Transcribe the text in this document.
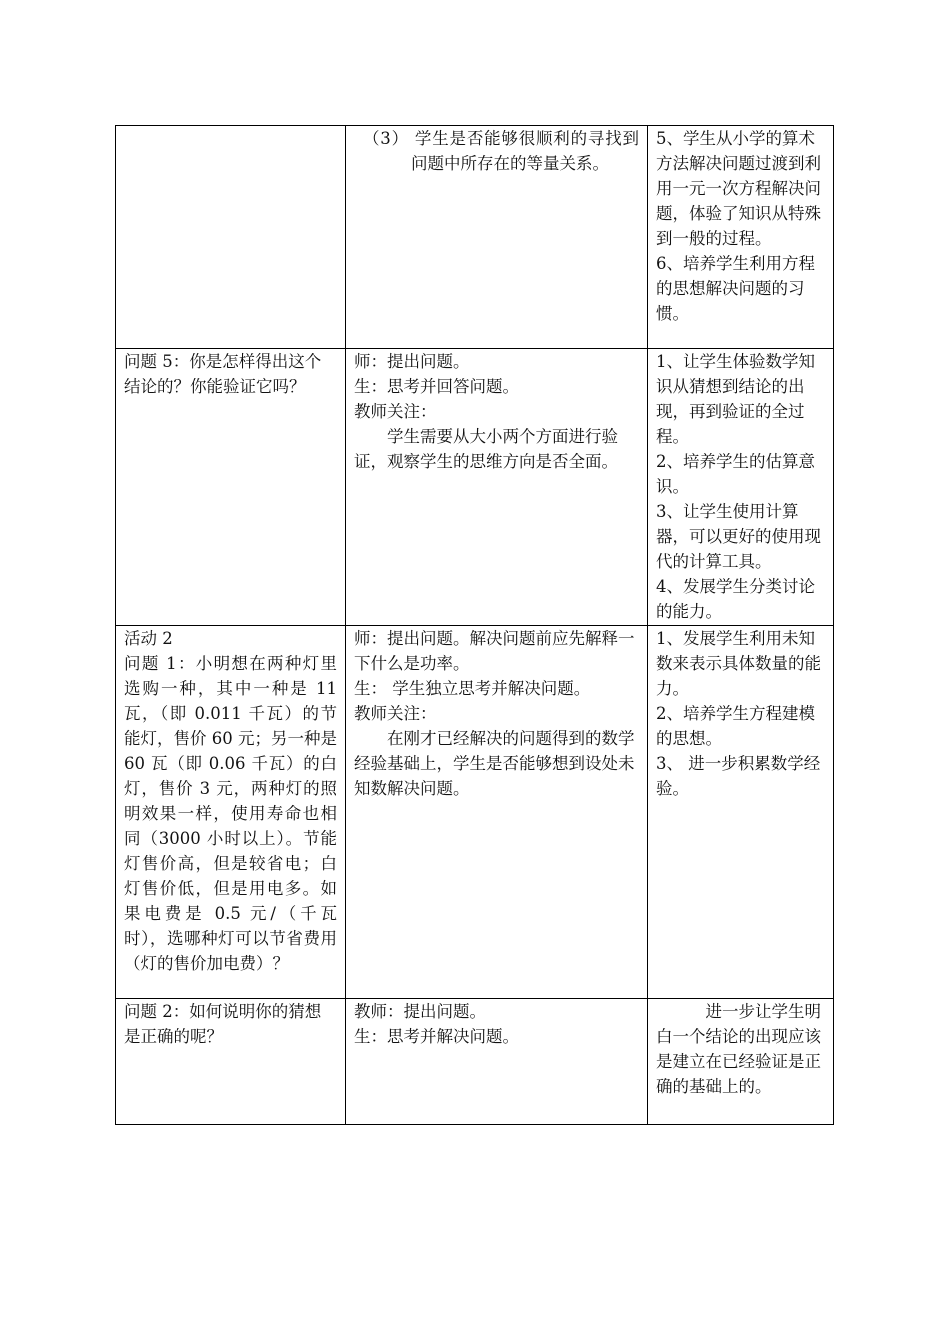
	（3） 学生是否能够很顺利的寻找到问题中所存在的等量关系。	5、学生从小学的算术方法解决问题过渡到利用一元一次方程解决问题，体验了知识从特殊到一般的过程。
6、培养学生利用方程的思想解决问题的习惯。

问题 5：你是怎样得出这个结论的？你能验证它吗？	师：提出问题。
生：思考并回答问题。
教师关注：
学生需要从大小两个方面进行验证，观察学生的思维方向是否全面。	1、让学生体验数学知识从猜想到结论的出现，再到验证的全过程。
2、培养学生的估算意识。
3、让学生使用计算器，可以更好的使用现代的计算工具。
4、发展学生分类讨论的能力。

活动 2
问题 1：小明想在两种灯里选购一种，其中一种是 11 瓦，（即 0.011 千瓦）的节能灯，售价 60 元；另一种是 60 瓦（即 0.06 千瓦）的白灯，售价 3 元，两种灯的照明效果一样，使用寿命也相同（3000 小时以上）。节能灯售价高，但是较省电；白灯售价低，但是用电多。如果电费是 0.5 元/（千瓦时），选哪种灯可以节省费用（灯的售价加电费）？	师：提出问题。解决问题前应先解释一下什么是功率。
生： 学生独立思考并解决问题。
教师关注：
在刚才已经解决的问题得到的数学经验基础上，学生是否能够想到设处未知数解决问题。	1、发展学生利用未知数来表示具体数量的能力。
2、培养学生方程建模的思想。
3、 进一步积累数学经验。

问题 2：如何说明你的猜想是正确的呢？	教师：提出问题。
生：思考并解决问题。	进一步让学生明白一个结论的出现应该是建立在已经验证是正确的基础上的。
